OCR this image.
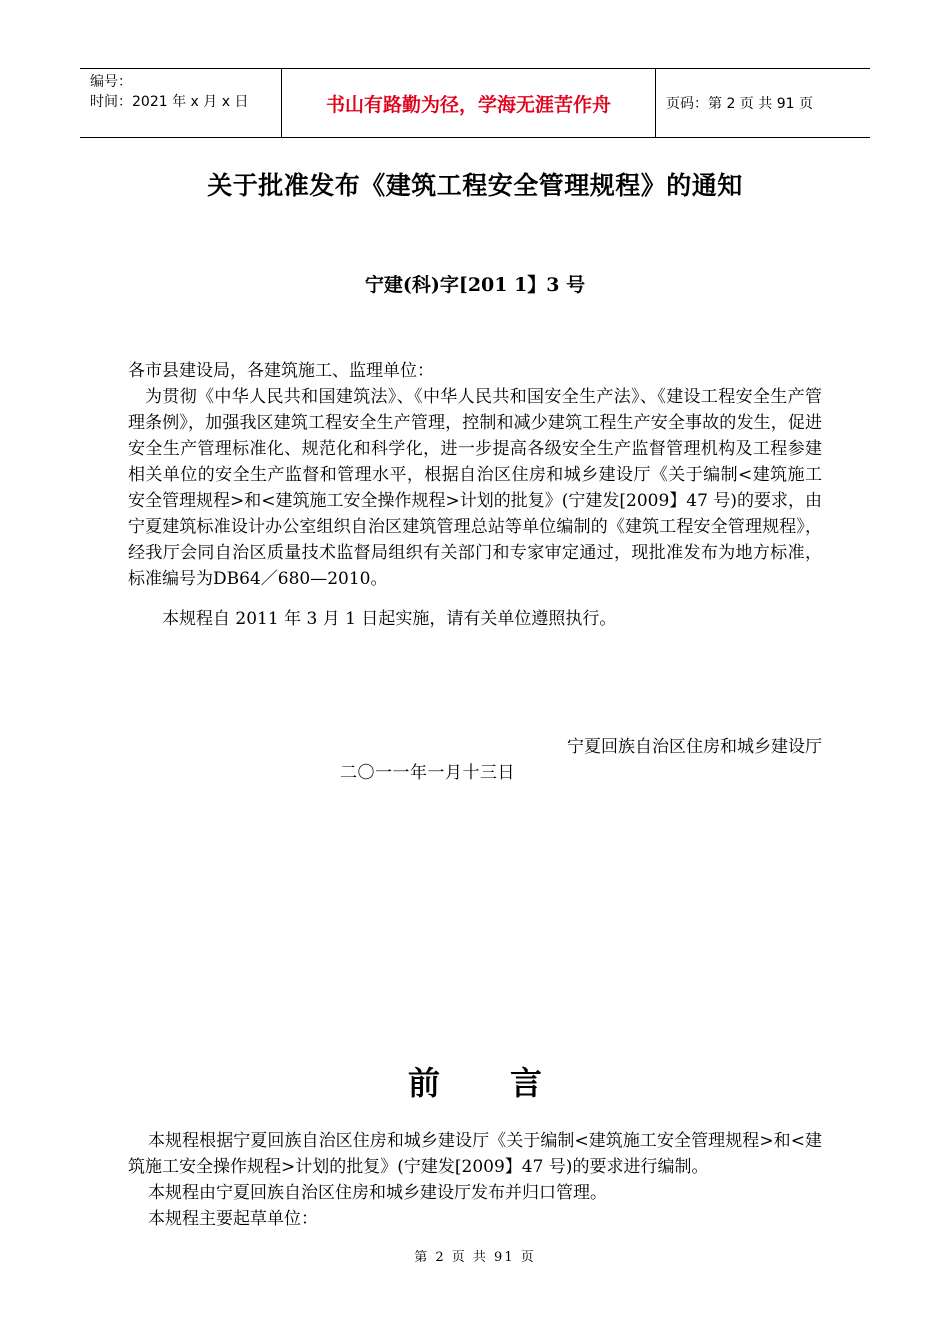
编号：
时间：2021 年 x 月 x 日	书山有路勤为径，学海无涯苦作舟	页码：第 2 页 共 91 页
关于批准发布《建筑工程安全管理规程》的通知
宁建(科)字[201 1】3 号

各市县建设局，各建筑施工、监理单位：

为贯彻《中华人民共和国建筑法》、《中华人民共和国安全生产法》、《建设工程安全生产管理条例》，加强我区建筑工程安全生产管理，控制和减少建筑工程生产安全事故的发生，促进安全生产管理标准化、规范化和科学化，进一步提高各级安全生产监督管理机构及工程参建相关单位的安全生产监督和管理水平，根据自治区住房和城乡建设厅《关于编制<建筑施工安全管理规程>和<建筑施工安全操作规程>计划的批复》(宁建发[2009】47 号)的要求，由宁夏建筑标准设计办公室组织自治区建筑管理总站等单位编制的《建筑工程安全管理规程》，经我厅会同自治区质量技术监督局组织有关部门和专家审定通过，现批准发布为地方标准，标准编号为DB64／680—2010。

本规程自 2011 年 3 月 1 日起实施，请有关单位遵照执行。

宁夏回族自治区住房和城乡建设厅
二〇一一年一月十三日
前言

本规程根据宁夏回族自治区住房和城乡建设厅《关于编制<建筑施工安全管理规程>和<建筑施工安全操作规程>计划的批复》(宁建发[2009】47 号)的要求进行编制。

本规程由宁夏回族自治区住房和城乡建设厅发布并归口管理。

本规程主要起草单位：

第 2 页 共 91 页
